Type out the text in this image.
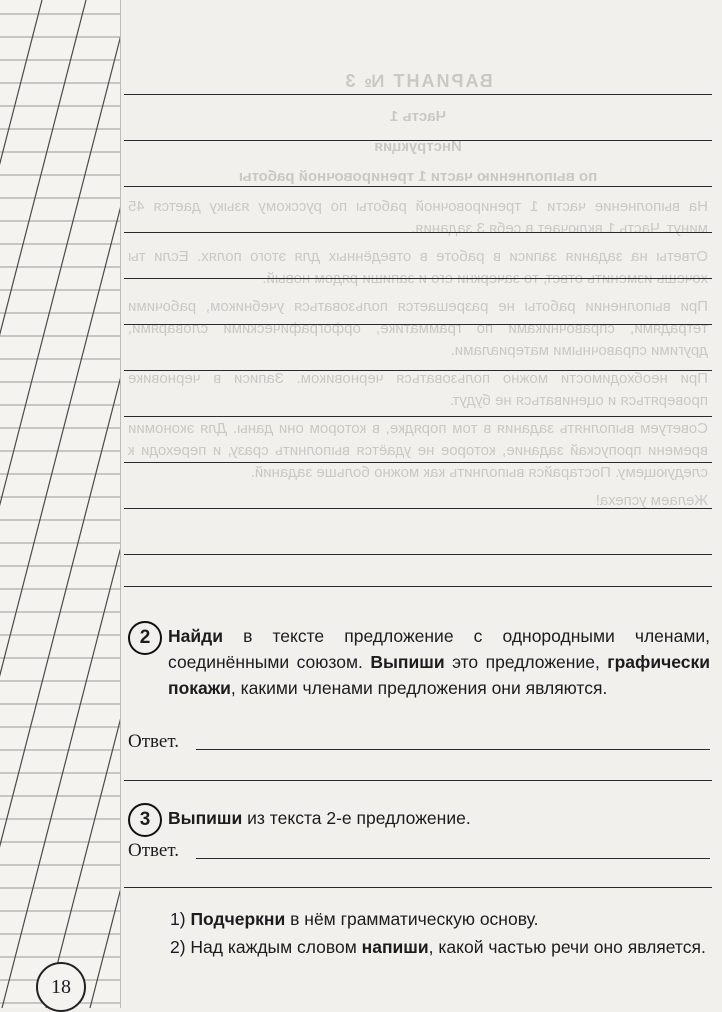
ВАРИАНТ № 3
Часть 1
Инструкция
по выполнению части 1 тренировочной работы

На выполнение части 1 тренировочной работы по русскому языку дается 45 минут. Часть 1 включает в себя 3 задания.

Ответы на задания записи в работе в отведённых для этого полях. Если ты хочешь изменить ответ, то зачеркни его и запиши рядом новый.

При выполнении работы не разрешается пользоваться учебником, рабочими тетрадями, справочниками по грамматике, орфографическими словарями, другими справочными материалами.

При необходимости можно пользоваться черновиком. Записи в черновике проверяться и оцениваться не будут.

Советуем выполнять задания в том порядке, в котором они даны. Для экономии времени пропускай задание, которое не удаётся выполнить сразу, и переходи к следующему. Постарайся выполнить как можно больше заданий.

Желаем успеха!

2	Найди в тексте предложение с однородными членами, соединёнными союзом. Выпиши это предложение, графически покажи, какими членами предложения они являются.
Ответ.
3	Выпиши из текста 2-е предложение.
Ответ.
1) Подчеркни в нём грамматическую основу.
2) Над каждым словом напиши, какой частью речи оно является.
18
